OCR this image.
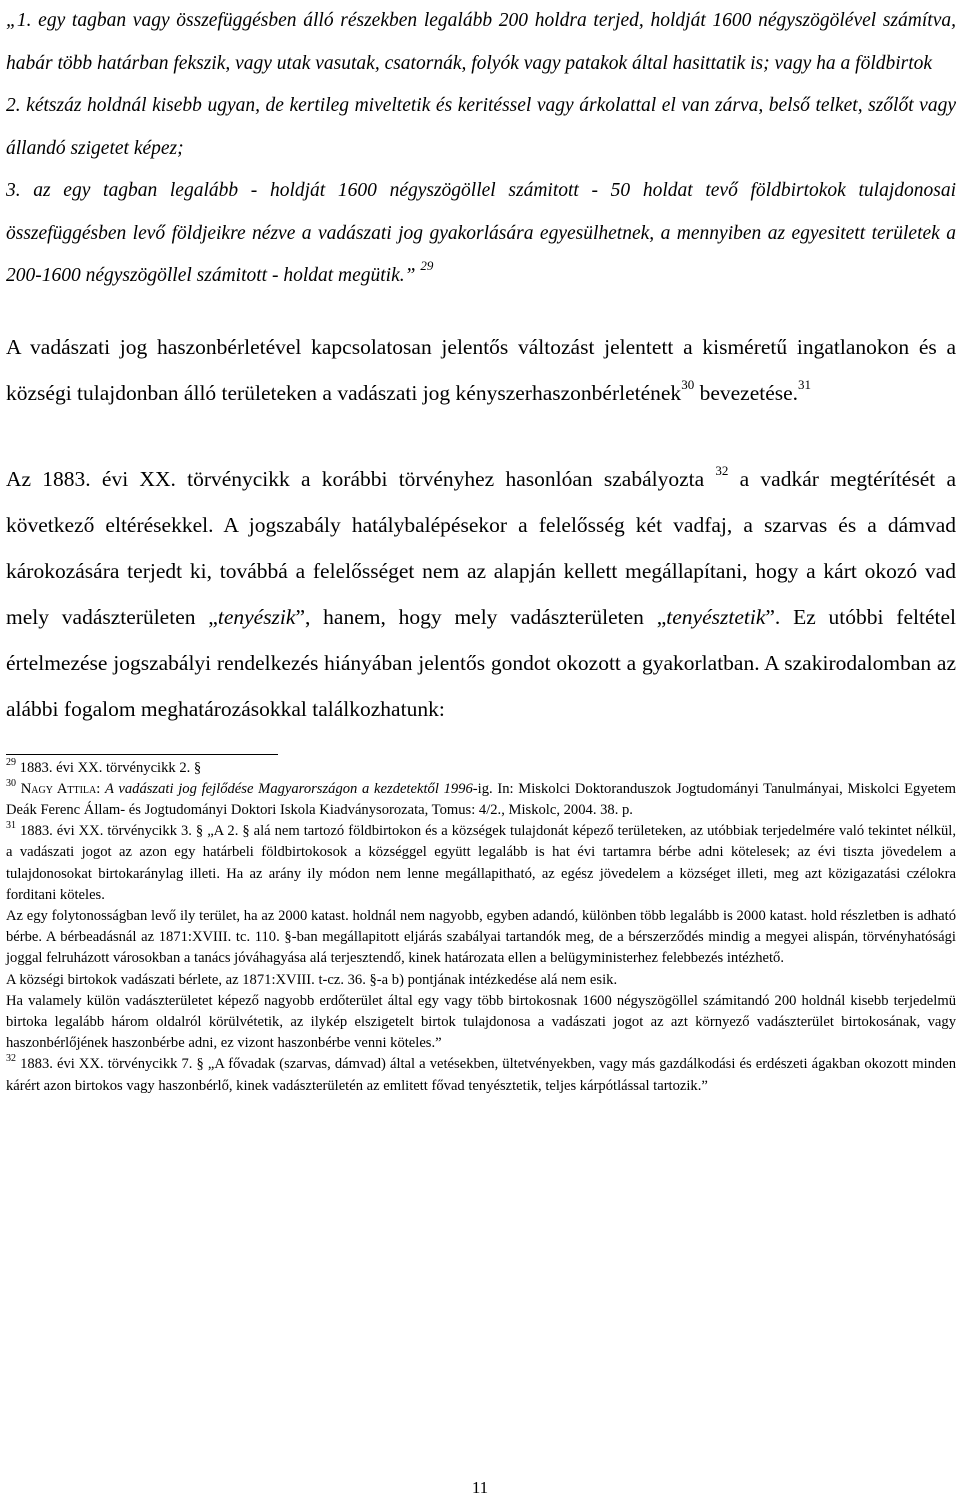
„1. egy tagban vagy összefüggésben álló részekben legalább 200 holdra terjed, holdját 1600 négyszögölével számítva, habár több határban fekszik, vagy utak vasutak, csatornák, folyók vagy patakok által hasittatik is; vagy ha a földbirtok

2. kétszáz holdnál kisebb ugyan, de kertileg miveltetik és keritéssel vagy árkolattal el van zárva, belső telket, szőlőt vagy állandó szigetet képez;

3. az egy tagban legalább - holdját 1600 négyszögöllel számitott - 50 holdat tevő földbirtokok tulajdonosai összefüggésben levő földjeikre nézve a vadászati jog gyakorlására egyesülhetnek, a mennyiben az egyesitett területek a 200-1600 négyszögöllel számitott - holdat megütik.” $^{29}$

A vadászati jog haszonbérletével kapcsolatosan jelentős változást jelentett a kisméretű ingatlanokon és a községi tulajdonban álló területeken a vadászati jog kényszerhaszonbérletének$^{30}$ bevezetése.$^{31}$

Az 1883. évi XX. törvénycikk a korábbi törvényhez hasonlóan szabályozta $^{32}$ a vadkár megtérítését a következő eltérésekkel. A jogszabály hatálybalépésekor a felelősség két vadfaj, a szarvas és a dámvad károkozására terjedt ki, továbbá a felelősséget nem az alapján kellett megállapítani, hogy a kárt okozó vad mely vadászterületen „tenyészik”, hanem, hogy mely vadászterületen „tenyésztetik”. Ez utóbbi feltétel értelmezése jogszabályi rendelkezés hiányában jelentős gondot okozott a gyakorlatban. A szakirodalomban az alábbi fogalom meghatározásokkal találkozhatunk:

$^{29}$ 1883. évi XX. törvénycikk 2. §

$^{30}$ Nagy Attila: A vadászati jog fejlődése Magyarországon a kezdetektől 1996-ig. In: Miskolci Doktoranduszok Jogtudományi Tanulmányai, Miskolci Egyetem Deák Ferenc Állam- és Jogtudományi Doktori Iskola Kiadványsorozata, Tomus: 4/2., Miskolc, 2004. 38. p.

$^{31}$ 1883. évi XX. törvénycikk 3. § „A 2. § alá nem tartozó földbirtokon és a községek tulajdonát képező területeken, az utóbbiak terjedelmére való tekintet nélkül, a vadászati jogot az azon egy határbeli földbirtokosok a községgel együtt legalább is hat évi tartamra bérbe adni kötelesek; az évi tiszta jövedelem a tulajdonosokat birtokaránylag illeti. Ha az arány ily módon nem lenne megállapitható, az egész jövedelem a községet illeti, meg azt közigazatási czélokra forditani köteles.

Az egy folytonosságban levő ily terület, ha az 2000 katast. holdnál nem nagyobb, egyben adandó, különben több legalább is 2000 katast. hold részletben is adható bérbe. A bérbeadásnál az 1871:XVIII. tc. 110. §-ban megállapitott eljárás szabályai tartandók meg, de a bérszerződés mindig a megyei alispán, törvényhatósági joggal felruházott városokban a tanács jóváhagyása alá terjesztendő, kinek határozata ellen a belügyministerhez felebbezés intézhető.

A községi birtokok vadászati bérlete, az 1871:XVIII. t-cz. 36. §-a b) pontjának intézkedése alá nem esik.

Ha valamely külön vadászterületet képező nagyobb erdőterület által egy vagy több birtokosnak 1600 négyszögöllel számitandó 200 holdnál kisebb terjedelmü birtoka legalább három oldalról körülvétetik, az ilykép elszigetelt birtok tulajdonosa a vadászati jogot az azt környező vadászterület birtokosának, vagy haszonbérlőjének haszonbérbe adni, ez vizont haszonbérbe venni köteles.”

$^{32}$ 1883. évi XX. törvénycikk 7. § „A fővadak (szarvas, dámvad) által a vetésekben, ültetvényekben, vagy más gazdálkodási és erdészeti ágakban okozott minden kárért azon birtokos vagy haszonbérlő, kinek vadászterületén az emlitett fővad tenyésztetik, teljes kárpótlással tartozik.”

11
